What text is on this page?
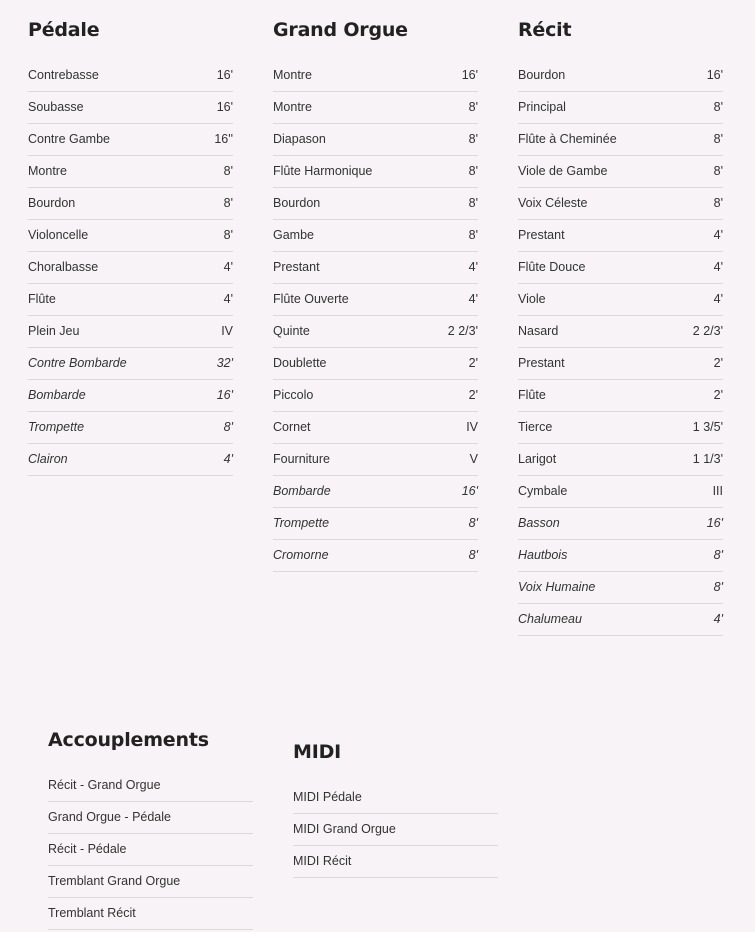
Pédale
Contrebasse	16'
Soubasse	16'
Contre Gambe	16''
Montre	8'
Bourdon	8'
Violoncelle	8'
Choralbasse	4'
Flûte	4'
Plein Jeu	IV
Contre Bombarde	32'
Bombarde	16'
Trompette	8'
Clairon	4'
Grand Orgue
Montre	16'
Montre	8'
Diapason	8'
Flûte Harmonique	8'
Bourdon	8'
Gambe	8'
Prestant	4'
Flûte Ouverte	4'
Quinte	2 2/3'
Doublette	2'
Piccolo	2'
Cornet	IV
Fourniture	V
Bombarde	16'
Trompette	8'
Cromorne	8'
Récit
Bourdon	16'
Principal	8'
Flûte à Cheminée	8'
Viole de Gambe	8'
Voix Céleste	8'
Prestant	4'
Flûte Douce	4'
Viole	4'
Nasard	2 2/3'
Prestant	2'
Flûte	2'
Tierce	1 3/5'
Larigot	1 1/3'
Cymbale	III
Basson	16'
Hautbois	8'
Voix Humaine	8'
Chalumeau	4'
Accouplements
Récit - Grand Orgue
Grand Orgue - Pédale
Récit - Pédale
Tremblant Grand Orgue
Tremblant Récit
MIDI
MIDI Pédale
MIDI Grand Orgue
MIDI Récit
